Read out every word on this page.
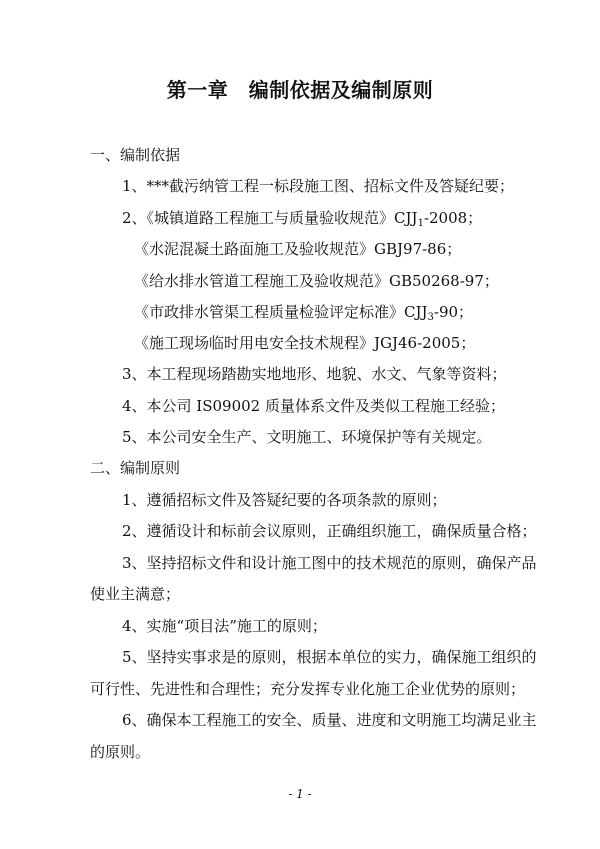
第一章　编制依据及编制原则
一、编制依据
1、***截污纳管工程一标段施工图、招标文件及答疑纪要；
2、《城镇道路工程施工与质量验收规范》$CJJ_1-2008$；
《水泥混凝土路面施工及验收规范》GBJ97-86；
《给水排水管道工程施工及验收规范》GB50268-97；
《市政排水管渠工程质量检验评定标准》$CJJ_3-90$；
《施工现场临时用电安全技术规程》JGJ46-2005；
3、本工程现场踏勘实地地形、地貌、水文、气象等资料；
4、本公司 IS09002 质量体系文件及类似工程施工经验；
5、本公司安全生产、文明施工、环境保护等有关规定。
二、编制原则
1、遵循招标文件及答疑纪要的各项条款的原则；
2、遵循设计和标前会议原则，正确组织施工，确保质量合格；
3、坚持招标文件和设计施工图中的技术规范的原则，确保产品
使业主满意；
4、实施“项目法”施工的原则；
5、坚持实事求是的原则，根据本单位的实力，确保施工组织的
可行性、先进性和合理性；充分发挥专业化施工企业优势的原则；
6、确保本工程施工的安全、质量、进度和文明施工均满足业主
的原则。
- 1 -
